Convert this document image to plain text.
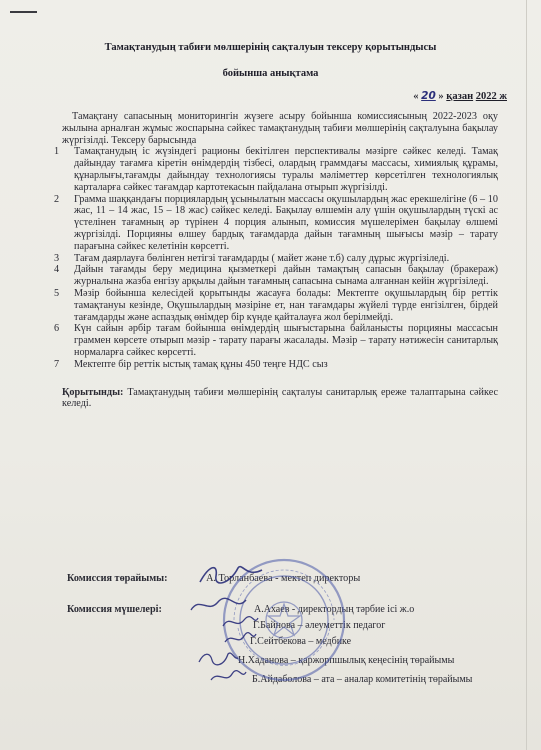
Тамақтанудың табиғи мөлшерінің сақталуын тексеру қорытындысы
бойынша анықтама
« 20 » қазан 2022 ж

Тамақтану сапасының мониторингін жүзеге асыру бойынша комиссиясының 2022-2023 оқу жылына арналған жұмыс жоспарына сәйкес тамақтанудың табиғи мөлшерінің сақталуына бақылау жүргізілді. Тексеру барысында

1 Тамақтанудың іс жүзіндегі рационы бекітілген перспективалы мәзірге сәйкес келеді. Тамақ дайындау тағамға кіретін өнімдердің тізбесі, олардың граммдағы массасы, химиялық құрамы, құнарлығы,тағамды дайындау технологиясы туралы мәліметтер көрсетілген технологиялық карталарға сәйкес тағамдар картотекасын пайдалана отырып жүргізілді.
2 Грамма шаққандағы порциялардың ұсынылатын массасы оқушылардың жас ерекшелігіне (6 – 10 жас, 11 – 14 жас, 15 – 18 жас) сәйкес келеді. Бақылау өлшемін алу үшін оқушылардың түскі ас үстелінен тағамның әр түрінен 4 порция алынып, комиссия мүшелерімен бақылау өлшемі жүргізілді. Порцияны өлшеу бардық тағамдарда дайын тағамның шығысы мәзір – тарату парағына сәйкес келетінін көрсетті.
3 Тағам даярлауға бөлінген нетігзі тағамдарды ( майет және т.б) салу дұрыс жүргізіледі.
4 Дайын тағамды беру медицина қызметкері дайын тамақтың сапасын бақылау (бракераж) журналына жазба енгізу арқылы дайын тағамның сапасына сынама алғаннан кейін жүргізіледі.
5 Мәзір бойынша келесідей қорытынды жасауға болады: Мектепте оқушылардың бір реттік тамақтануы кезінде, Оқушылардың мәзіріне ет, нан тағамдары жүйелі түрде енгізілген, бірдей тағамдарды және аспаздық өнімдер бір күнде қайталауға жол берілмейді.
6 Күн сайын әрбір тағам бойынша өнімдердің шығыстарына байланысты порцияны массасын граммен көрсете отырып мәзір - тарату парағы жасалады. Мәзір – тарату нәтижесін санитарлық нормаларға сәйкес көрсетті.
7 Мектепте бір реттік ыстық тамақ құны 450 теңге НДС сыз
Қорытынды: Тамақтанудың табиғи мөлшерінің сақталуы санитарлық ереже талаптарына сәйкес келеді.
Комиссия төрайымы:	А. Торланбаева - мектеп директоры
Комиссия мүшелері:	А.Ахаев - директордың тәрбие ісі ж.о
Г.Байнова – әлеуметтік педагог
Г.Сейтбекова – медбике
Н.Хаданова – қаржорпшылық кеңесінің төрайымы
Б.Айдаболова – ата – аналар комитетінің төрайымы
